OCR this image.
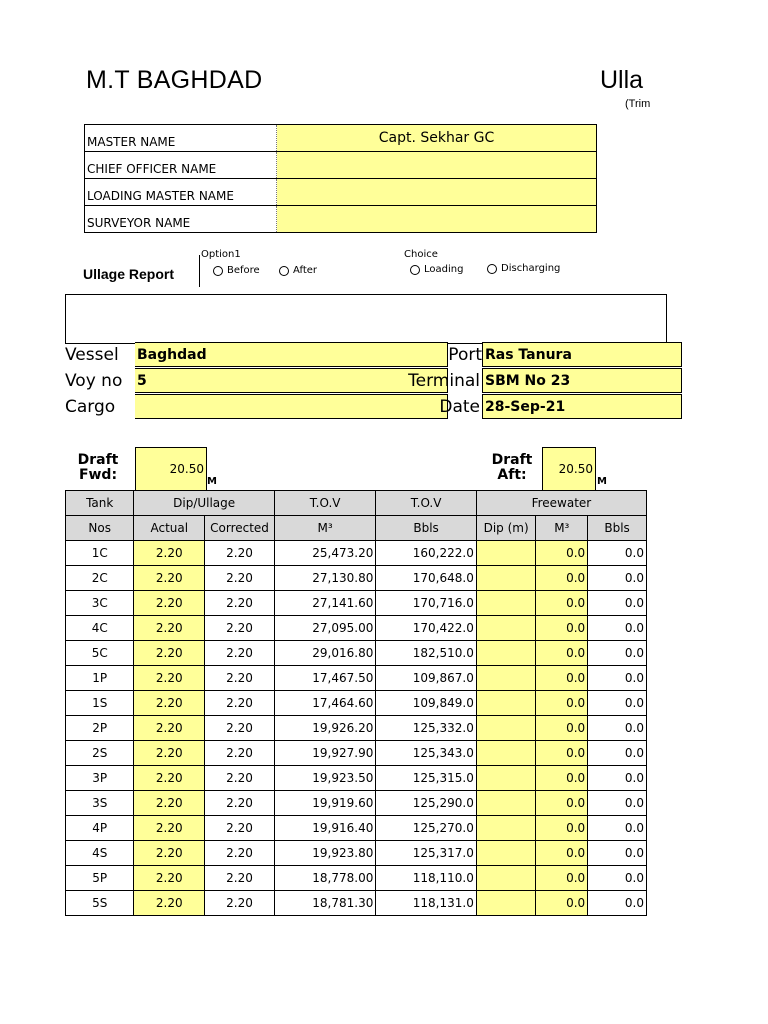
M.T BAGHDAD	Ulla
(Trim
MASTER NAME	Capt. Sekhar GC
CHIEF OFFICER NAME
LOADING MASTER NAME
SURVEYOR NAME
Ullage Report
Option1
Before	After
Choice
Loading	Discharging
Vessel	Baghdad	Port Ras Tanura
Voy no	5	Terminal SBM No 23
Cargo	Date 28-Sep-21
Draft
Fwd:	20.50
M
Draft
Aft:	20.50
M
Tank	Dip/Ullage		T.O.V	T.O.V	Freewater		
Nos	Actual	Corrected	M³	Bbls	Dip (m)	M³	Bbls
1C	2.20	2.20	25,473.20	160,222.0		0.0	0.0
2C	2.20	2.20	27,130.80	170,648.0		0.0	0.0
3C	2.20	2.20	27,141.60	170,716.0		0.0	0.0
4C	2.20	2.20	27,095.00	170,422.0		0.0	0.0
5C	2.20	2.20	29,016.80	182,510.0		0.0	0.0
1P	2.20	2.20	17,467.50	109,867.0		0.0	0.0
1S	2.20	2.20	17,464.60	109,849.0		0.0	0.0
2P	2.20	2.20	19,926.20	125,332.0		0.0	0.0
2S	2.20	2.20	19,927.90	125,343.0		0.0	0.0
3P	2.20	2.20	19,923.50	125,315.0		0.0	0.0
3S	2.20	2.20	19,919.60	125,290.0		0.0	0.0
4P	2.20	2.20	19,916.40	125,270.0		0.0	0.0
4S	2.20	2.20	19,923.80	125,317.0		0.0	0.0
5P	2.20	2.20	18,778.00	118,110.0		0.0	0.0
5S	2.20	2.20	18,781.30	118,131.0		0.0	0.0
